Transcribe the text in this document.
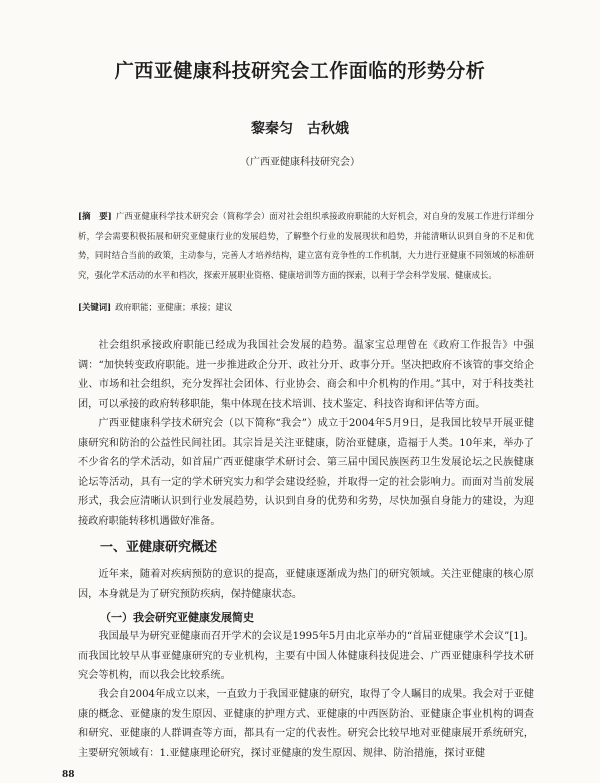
广西亚健康科技研究会工作面临的形势分析
黎秦匀　古秋娥
（广西亚健康科技研究会）
[摘　要] 广西亚健康科学技术研究会（简称学会）面对社会组织承接政府职能的大好机会，对自身的发展工作进行详细分析，学会需要积极拓展和研究亚健康行业的发展趋势，了解整个行业的发展现状和趋势，并能清晰认识到自身的不足和优势，同时结合当前的政策，主动参与，完善人才培养结构，建立富有竞争性的工作机制，大力进行亚健康不同领域的标准研究，强化学术活动的水平和档次，探索开展职业资格、健康培训等方面的探索，以利于学会科学发展、健康成长。
[关键词] 政府职能；亚健康；承接；建议

社会组织承接政府职能已经成为我国社会发展的趋势。温家宝总理曾在《政府工作报告》中强调：“加快转变政府职能。进一步推进政企分开、政社分开、政事分开。坚决把政府不该管的事交给企业、市场和社会组织，充分发挥社会团体、行业协会、商会和中介机构的作用。”其中，对于科技类社团，可以承接的政府转移职能，集中体现在技术培训、技术鉴定、科技咨询和评估等方面。

广西亚健康科学技术研究会（以下简称“我会”）成立于2004年5月9日，是我国比较早开展亚健康研究和防治的公益性民间社团。其宗旨是关注亚健康，防治亚健康，造福于人类。10年来，举办了不少省名的学术活动，如首届广西亚健康学术研讨会、第三届中国民族医药卫生发展论坛之民族健康论坛等活动，具有一定的学术研究实力和学会建设经验，并取得一定的社会影响力。而面对当前发展形式，我会应清晰认识到行业发展趋势，认识到自身的优势和劣势，尽快加强自身能力的建设，为迎接政府职能转移机遇做好准备。

一、亚健康研究概述

近年来，随着对疾病预防的意识的提高，亚健康逐渐成为热门的研究领域。关注亚健康的核心原因，本身就是为了研究预防疾病，保持健康状态。

（一）我会研究亚健康发展简史

我国最早为研究亚健康而召开学术的会议是1995年5月由北京举办的“首届亚健康学术会议”[1]。而我国比较早从事亚健康研究的专业机构，主要有中国人体健康科技促进会、广西亚健康科学技术研究会等机构，而以我会比较系统。

我会自2004年成立以来，一直致力于我国亚健康的研究，取得了令人瞩目的成果。我会对于亚健康的概念、亚健康的发生原因、亚健康的护理方式、亚健康的中西医防治、亚健康企事业机构的调查和研究、亚健康的人群调查等方面，都具有一定的代表性。研究会比较早地对亚健康展开系统研究，主要研究领域有：1.亚健康理论研究，探讨亚健康的发生原因、规律、防治措施，探讨亚健

88
